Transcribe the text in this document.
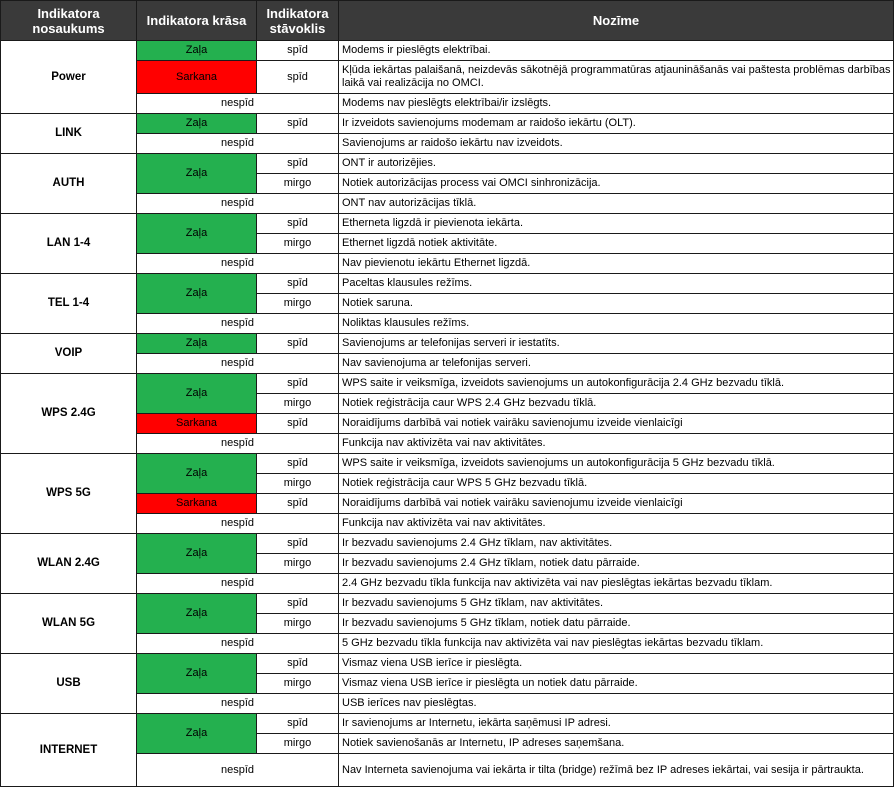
Indikatora nosaukums	Indikatora krāsa	Indikatora stāvoklis	Nozīme
Power	Zaļa	spīd	Modems ir pieslēgts elektrībai.
	Sarkana	spīd	Kļūda iekārtas palaišanā, neizdevās sākotnējā programmatūras atjaunināšanās vai paštesta problēmas darbības laikā vai realizācija no OMCI.
	nespīd		Modems nav pieslēgts elektrībai/ir izslēgts.
LINK	Zaļa	spīd	Ir izveidots savienojums modemam ar raidošo iekārtu (OLT).
	nespīd		Savienojums ar raidošo iekārtu nav izveidots.
AUTH	Zaļa	spīd	ONT ir autorizējies.
		mirgo	Notiek autorizācijas process vai OMCI sinhronizācija.
	nespīd		ONT nav autorizācijas tīklā.
LAN 1-4	Zaļa	spīd	Etherneta ligzdā ir pievienota iekārta.
		mirgo	Ethernet ligzdā notiek aktivitāte.
	nespīd		Nav pievienotu iekārtu Ethernet ligzdā.
TEL 1-4	Zaļa	spīd	Paceltas klausules režīms.
		mirgo	Notiek saruna.
	nespīd		Noliktas klausules režīms.
VOIP	Zaļa	spīd	Savienojums ar telefonijas serveri ir iestatīts.
	nespīd		Nav savienojuma ar telefonijas serveri.
WPS 2.4G	Zaļa	spīd	WPS saite ir veiksmīga, izveidots savienojums un autokonfigurācija 2.4 GHz bezvadu tīklā.
		mirgo	Notiek reģistrācija caur WPS 2.4 GHz bezvadu tīklā.
	Sarkana	spīd	Noraidījums darbībā vai notiek vairāku savienojumu izveide vienlaicīgi
	nespīd		Funkcija nav aktivizēta vai nav aktivitātes.
WPS 5G	Zaļa	spīd	WPS saite ir veiksmīga, izveidots savienojums un autokonfigurācija 5 GHz bezvadu tīklā.
		mirgo	Notiek reģistrācija caur WPS 5 GHz bezvadu tīklā.
	Sarkana	spīd	Noraidījums darbībā vai notiek vairāku savienojumu izveide vienlaicīgi
	nespīd		Funkcija nav aktivizēta vai nav aktivitātes.
WLAN 2.4G	Zaļa	spīd	Ir bezvadu savienojums 2.4 GHz tīklam, nav aktivitātes.
		mirgo	Ir bezvadu savienojums 2.4 GHz tīklam, notiek datu pārraide.
	nespīd		2.4 GHz bezvadu tīkla funkcija nav aktivizēta vai nav pieslēgtas iekārtas bezvadu tīklam.
WLAN 5G	Zaļa	spīd	Ir bezvadu savienojums 5 GHz tīklam, nav aktivitātes.
		mirgo	Ir bezvadu savienojums 5 GHz tīklam, notiek datu pārraide.
	nespīd		5 GHz bezvadu tīkla funkcija nav aktivizēta vai nav pieslēgtas iekārtas bezvadu tīklam.
USB	Zaļa	spīd	Vismaz viena USB ierīce ir pieslēgta.
		mirgo	Vismaz viena USB ierīce ir pieslēgta un notiek datu pārraide.
	nespīd		USB ierīces nav pieslēgtas.
INTERNET	Zaļa	spīd	Ir savienojums ar Internetu, iekārta saņēmusi IP adresi.
		mirgo	Notiek savienošanās ar Internetu, IP adreses saņemšana.
	nespīd		Nav Interneta savienojuma vai iekārta ir tilta (bridge) režīmā bez IP adreses iekārtai, vai sesija ir pārtraukta.
